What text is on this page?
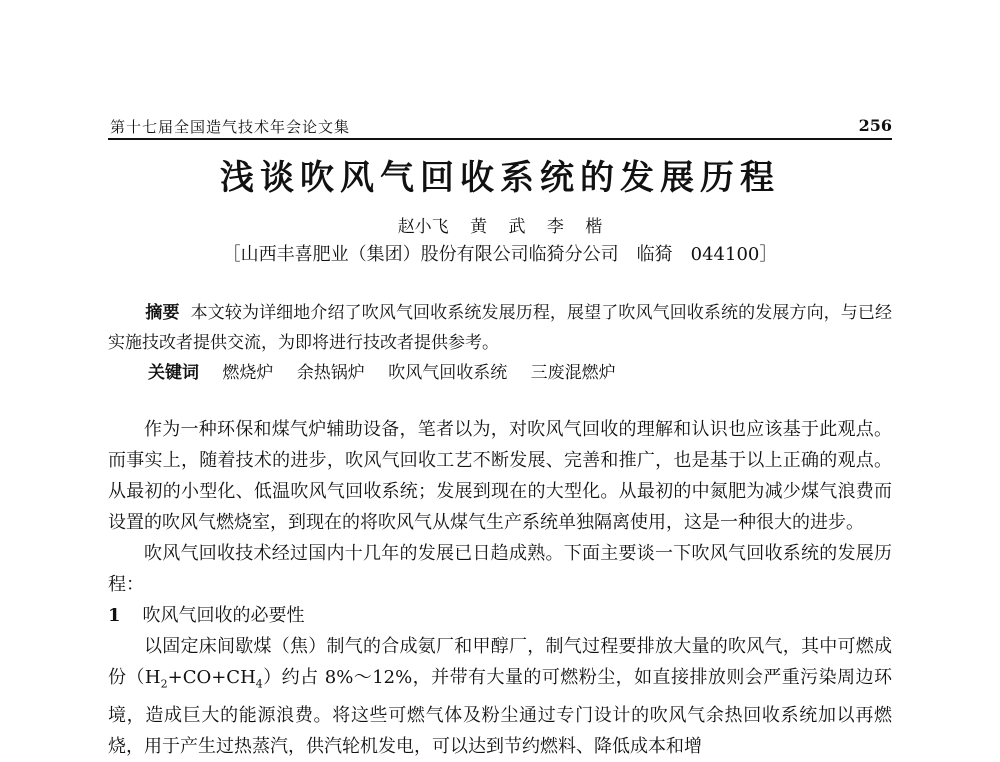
第十七届全国造气技术年会论文集	256
浅谈吹风气回收系统的发展历程
赵小飞 黄 武 李 楷
［山西丰喜肥业（集团）股份有限公司临猗分公司　临猗　044100］
摘要 本文较为详细地介绍了吹风气回收系统发展历程，展望了吹风气回收系统的发展方向，与已经实施技改者提供交流，为即将进行技改者提供参考。
关键词 燃烧炉 余热锅炉 吹风气回收系统 三废混燃炉

作为一种环保和煤气炉辅助设备，笔者以为，对吹风气回收的理解和认识也应该基于此观点。而事实上，随着技术的进步，吹风气回收工艺不断发展、完善和推广，也是基于以上正确的观点。从最初的小型化、低温吹风气回收系统；发展到现在的大型化。从最初的中氮肥为减少煤气浪费而设置的吹风气燃烧室，到现在的将吹风气从煤气生产系统单独隔离使用，这是一种很大的进步。

吹风气回收技术经过国内十几年的发展已日趋成熟。下面主要谈一下吹风气回收系统的发展历程：

1 吹风气回收的必要性

以固定床间歇煤（焦）制气的合成氨厂和甲醇厂，制气过程要排放大量的吹风气，其中可燃成份$(H_2+CO+CH_4)$约占 8%～12%，并带有大量的可燃粉尘，如直接排放则会严重污染周边环境，造成巨大的能源浪费。将这些可燃气体及粉尘通过专门设计的吹风气余热回收系统加以再燃烧，用于产生过热蒸汽，供汽轮机发电，可以达到节约燃料、降低成本和增
